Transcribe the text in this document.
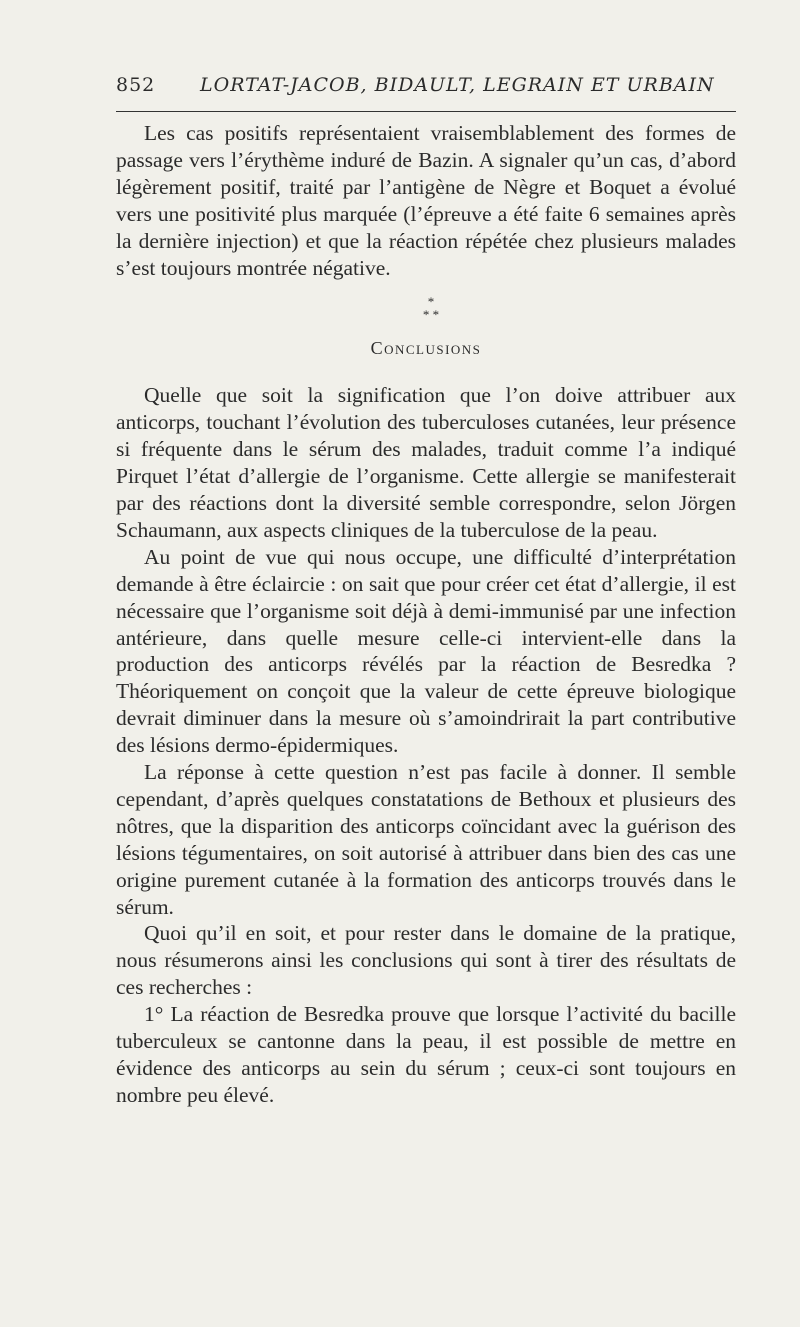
852 LORTAT-JACOB, BIDAULT, LEGRAIN ET URBAIN

Les cas positifs représentaient vraisemblablement des formes de passage vers l’érythème induré de Bazin. A signaler qu’un cas, d’abord légèrement positif, traité par l’antigène de Nègre et Boquet a évolué vers une positivité plus marquée (l’épreuve a été faite 6 semaines après la dernière injection) et que la réaction répétée chez plusieurs malades s’est toujours montrée négative.

*
* *
Conclusions

Quelle que soit la signification que l’on doive attribuer aux anticorps, touchant l’évolution des tuberculoses cutanées, leur présence si fréquente dans le sérum des malades, traduit comme l’a indiqué Pirquet l’état d’allergie de l’organisme. Cette allergie se manifesterait par des réactions dont la diversité semble correspondre, selon Jörgen Schaumann, aux aspects cliniques de la tuberculose de la peau.

Au point de vue qui nous occupe, une difficulté d’interprétation demande à être éclaircie : on sait que pour créer cet état d’allergie, il est nécessaire que l’organisme soit déjà à demi-immunisé par une infection antérieure, dans quelle mesure celle-ci intervient-elle dans la production des anticorps révélés par la réaction de Besredka ? Théoriquement on conçoit que la valeur de cette épreuve biologique devrait diminuer dans la mesure où s’amoindrirait la part contributive des lésions dermo-épidermiques.

La réponse à cette question n’est pas facile à donner. Il semble cependant, d’après quelques constatations de Bethoux et plusieurs des nôtres, que la disparition des anticorps coïncidant avec la guérison des lésions tégumentaires, on soit autorisé à attribuer dans bien des cas une origine purement cutanée à la formation des anticorps trouvés dans le sérum.

Quoi qu’il en soit, et pour rester dans le domaine de la pratique, nous résumerons ainsi les conclusions qui sont à tirer des résultats de ces recherches :

1° La réaction de Besredka prouve que lorsque l’activité du bacille tuberculeux se cantonne dans la peau, il est possible de mettre en évidence des anticorps au sein du sérum ; ceux-ci sont toujours en nombre peu élevé.
